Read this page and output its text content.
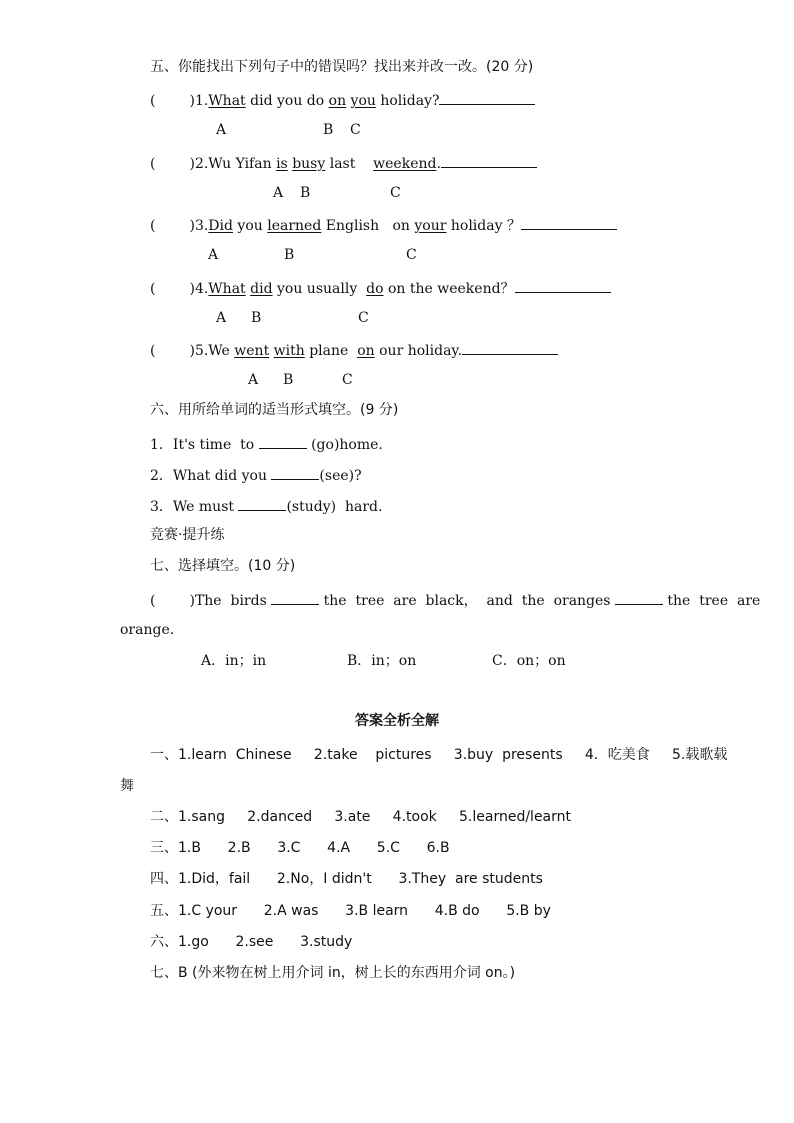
五、你能找出下列句子中的错误吗？找出来并改一改。(20 分)
( )1.What did you do on you holiday?
A	B C
( )2.Wu Yifan is busy last    weekend.
A B	C
( )3.Did you learned English   on your holiday ？
A	B	C
( )4.What did you usually  do on the weekend？
A B	C
( )5.We went with plane  on our holiday.
A B	C
六、用所给单词的适当形式填空。(9 分)
1．It's time  to	(go)home.
2．What did you	(see)?
3．We must	(study)  hard.
竞赛·提升练
七、选择填空。(10 分)
( )The  birds	the  tree  are  black，  and  the  oranges	the  tree  are
orange.
A．in；in	B．in；on	C．on；on
答案全析全解
一、1.learn  Chinese     2.take    pictures     3.buy  presents     4．吃美食     5.载歌载
舞
二、1.sang     2.danced     3.ate     4.took     5.learned/learnt
三、1.B      2.B      3.C      4.A      5.C      6.B
四、1.Did，fail      2.No，I didn't      3.They  are students
五、1.C your      2.A was      3.B learn      4.B do      5.B by
六、1.go      2.see      3.study
七、B (外来物在树上用介词 in，树上长的东西用介词 on。)
